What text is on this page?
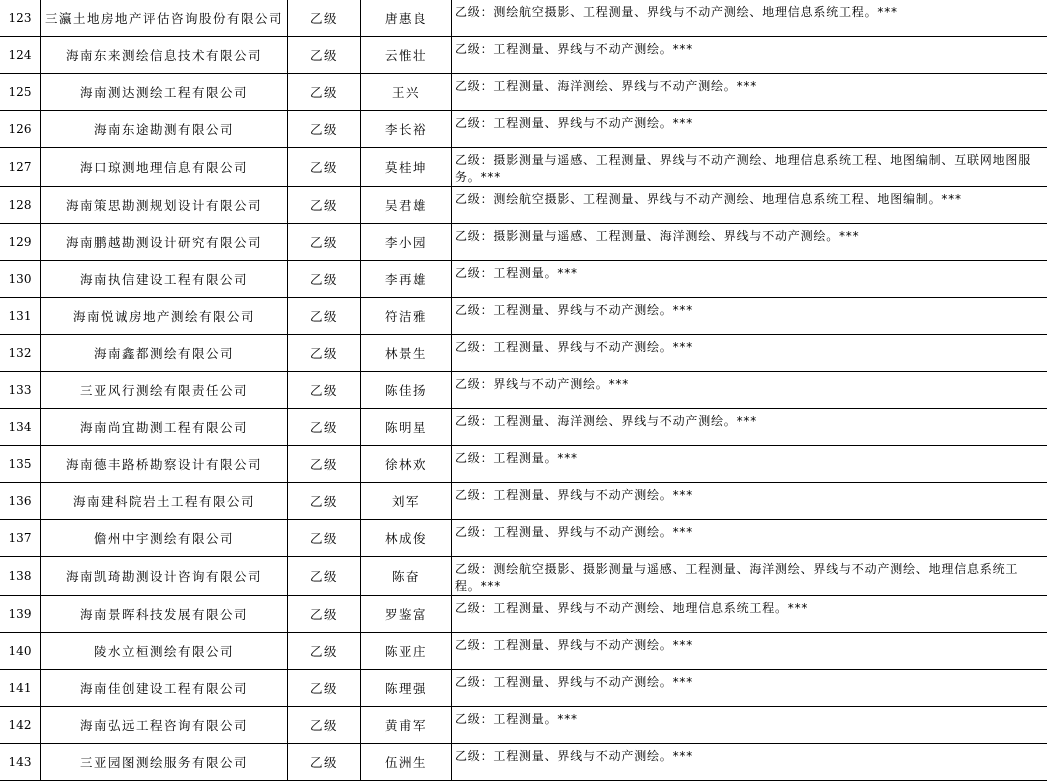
123	三瀛土地房地产评估咨询股份有限公司	乙级	唐惠良	乙级：测绘航空摄影、工程测量、界线与不动产测绘、地理信息系统工程。***
124	海南东来测绘信息技术有限公司	乙级	云惟壮	乙级：工程测量、界线与不动产测绘。***
125	海南测达测绘工程有限公司	乙级	王兴	乙级：工程测量、海洋测绘、界线与不动产测绘。***
126	海南东途勘测有限公司	乙级	李长裕	乙级：工程测量、界线与不动产测绘。***
127	海口琼测地理信息有限公司	乙级	莫桂坤	乙级：摄影测量与遥感、工程测量、界线与不动产测绘、地理信息系统工程、地图编制、互联网地图服务。***
128	海南策思勘测规划设计有限公司	乙级	吴君雄	乙级：测绘航空摄影、工程测量、界线与不动产测绘、地理信息系统工程、地图编制。***
129	海南鹏越勘测设计研究有限公司	乙级	李小园	乙级：摄影测量与遥感、工程测量、海洋测绘、界线与不动产测绘。***
130	海南执信建设工程有限公司	乙级	李再雄	乙级：工程测量。***
131	海南悦诚房地产测绘有限公司	乙级	符洁雅	乙级：工程测量、界线与不动产测绘。***
132	海南鑫都测绘有限公司	乙级	林景生	乙级：工程测量、界线与不动产测绘。***
133	三亚风行测绘有限责任公司	乙级	陈佳扬	乙级：界线与不动产测绘。***
134	海南尚宜勘测工程有限公司	乙级	陈明星	乙级：工程测量、海洋测绘、界线与不动产测绘。***
135	海南德丰路桥勘察设计有限公司	乙级	徐林欢	乙级：工程测量。***
136	海南建科院岩土工程有限公司	乙级	刘军	乙级：工程测量、界线与不动产测绘。***
137	儋州中宇测绘有限公司	乙级	林成俊	乙级：工程测量、界线与不动产测绘。***
138	海南凯琦勘测设计咨询有限公司	乙级	陈奋	乙级：测绘航空摄影、摄影测量与遥感、工程测量、海洋测绘、界线与不动产测绘、地理信息系统工程。***
139	海南景晖科技发展有限公司	乙级	罗鉴富	乙级：工程测量、界线与不动产测绘、地理信息系统工程。***
140	陵水立桓测绘有限公司	乙级	陈亚庄	乙级：工程测量、界线与不动产测绘。***
141	海南佳创建设工程有限公司	乙级	陈理强	乙级：工程测量、界线与不动产测绘。***
142	海南弘远工程咨询有限公司	乙级	黄甫军	乙级：工程测量。***
143	三亚园图测绘服务有限公司	乙级	伍洲生	乙级：工程测量、界线与不动产测绘。***
